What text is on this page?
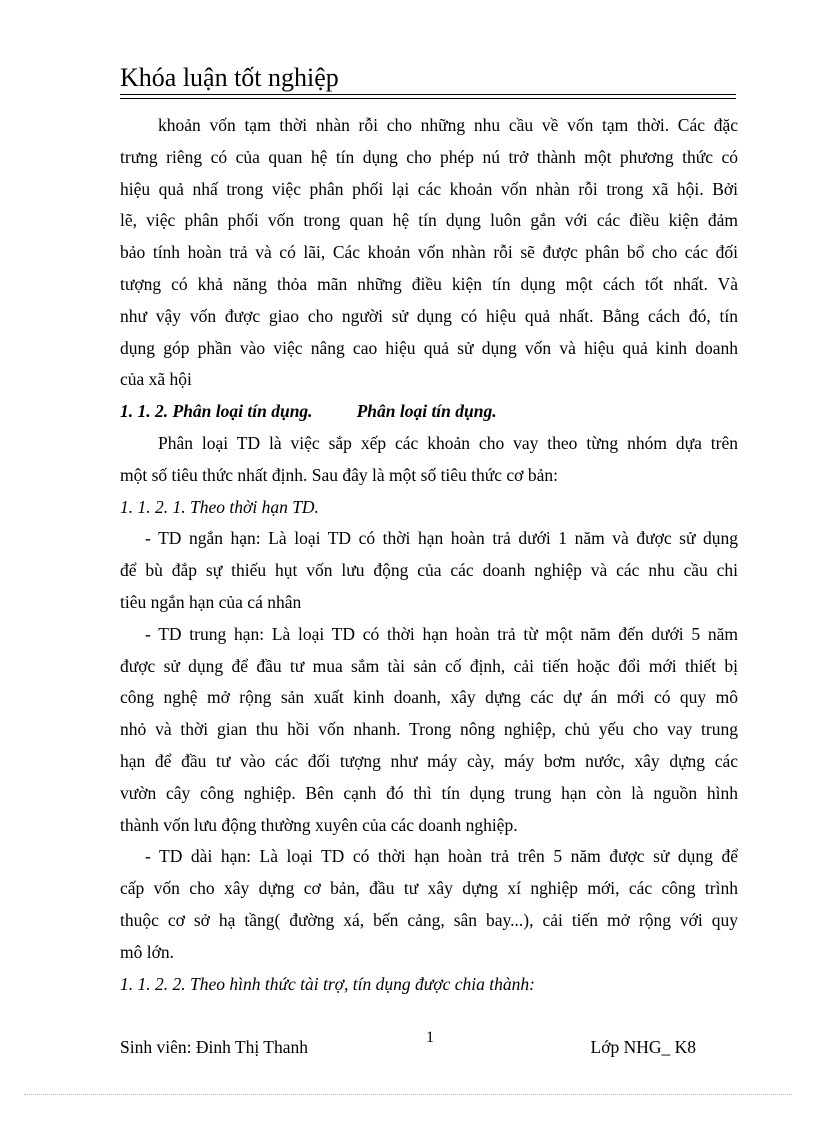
Khóa luận tốt nghiệp

khoản vốn tạm thời nhàn rỗi cho những nhu cầu về vốn tạm thời. Các đặc
trưng riêng có của quan hệ tín dụng cho phép nú trở thành một phương thức có
hiệu quả nhấ trong việc phân phối lại các khoản vốn nhàn rỗi trong xã hội. Bởi
lẽ, việc phân phối vốn trong quan hệ tín dụng luôn gắn với các điều kiện đảm
bảo tính hoàn trả và có lãi, Các khoản vốn nhàn rỗi sẽ được phân bổ cho các đối
tượng có khả năng thỏa mãn những điều kiện tín dụng một cách tốt nhất. Và
như vậy vốn được giao cho người sử dụng có hiệu quả nhất. Bằng cách đó, tín
dụng góp phần vào việc nâng cao hiệu quả sử dụng vốn và hiệu quả kinh doanh
của xã hội

1. 1. 2. Phân loại tín dụng.	Phân loại tín dụng.

Phân loại TD là việc sắp xếp các khoản cho vay theo từng nhóm dựa trên
một số tiêu thức nhất định. Sau đây là một số tiêu thức cơ bản:

1. 1. 2. 1. Theo thời hạn TD.

- TD ngắn hạn: Là loại TD có thời hạn hoàn trả dưới 1 năm và được sử dụng
để bù đắp sự thiếu hụt vốn lưu động của các doanh nghiệp và các nhu cầu chi
tiêu ngắn hạn của cá nhân

- TD trung hạn: Là loại TD có thời hạn hoàn trả từ một năm đến dưới 5 năm
được sử dụng để đầu tư mua sắm tài sản cố định, cải tiến hoặc đổi mới thiết bị
công nghệ mở rộng sản xuất kinh doanh, xây dựng các dự án mới có quy mô
nhỏ và thời gian thu hồi vốn nhanh. Trong nông nghiệp, chủ yếu cho vay trung
hạn để đầu tư vào các đối tượng như máy cày, máy bơm nước, xây dựng các
vườn cây công nghiệp. Bên cạnh đó thì tín dụng trung hạn còn là nguồn hình
thành vốn lưu động thường xuyên của các doanh nghiệp.

- TD dài hạn: Là loại TD có thời hạn hoàn trả trên 5 năm được sử dụng để
cấp vốn cho xây dựng cơ bản, đầu tư xây dựng xí nghiệp mới, các công trình
thuộc cơ sở hạ tầng( đường xá, bến cảng, sân bay...), cải tiến mở rộng với quy
mô lớn.

1. 1. 2. 2. Theo hình thức tài trợ, tín dụng được chia thành:

Sinh viên: Đinh Thị Thanh	1	Lớp NHG_ K8
